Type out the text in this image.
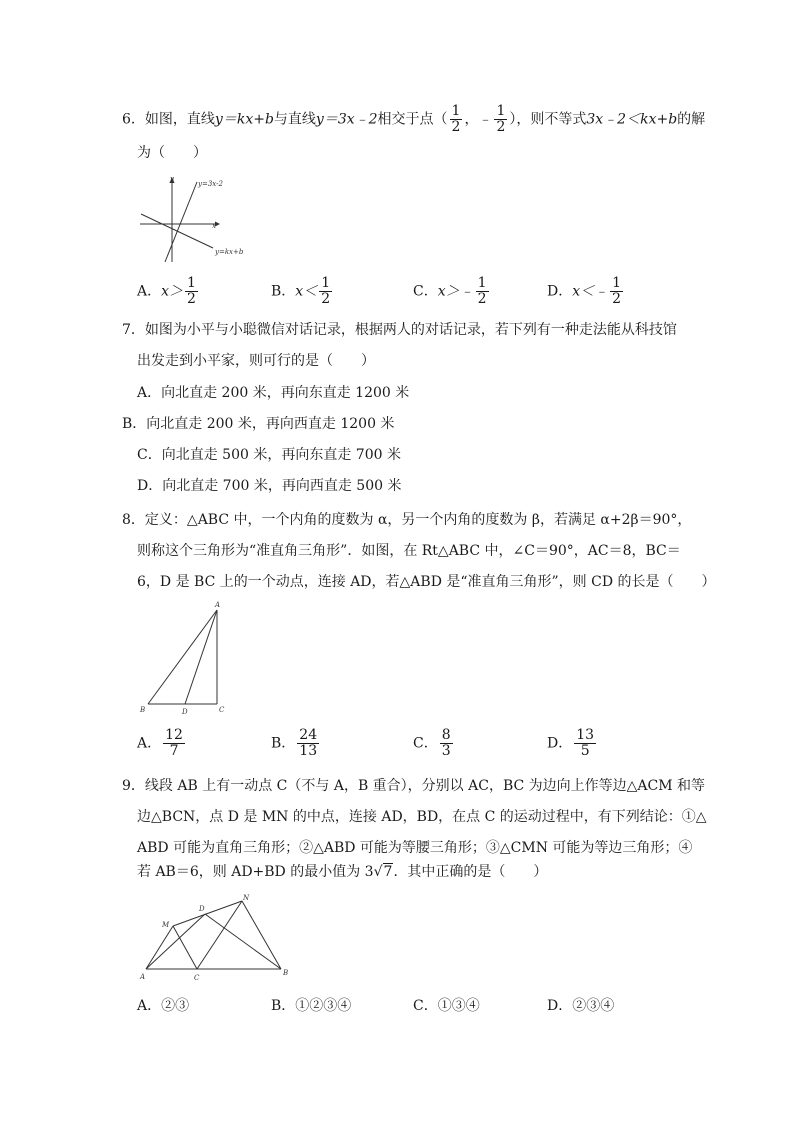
6．如图，直线y＝kx+b与直线y＝3x﹣2相交于点（ $\frac{1}{2}$ ，﹣ $\frac{1}{2}$ ），则不等式3x﹣2＜kx+b的解
为（　　）
y
x
y=3x-2
y=kx+b
A．$x> \frac{1}{2}$	B．$x< \frac{1}{2}$	C．x＞﹣ $\frac{1}{2}$	D．x＜﹣ $\frac{1}{2}$
7．如图为小平与小聪微信对话记录，根据两人的对话记录，若下列有一种走法能从科技馆
出发走到小平家，则可行的是（　　）
A．向北直走 200 米，再向东直走 1200 米
B．向北直走 200 米，再向西直走 1200 米
C．向北直走 500 米，再向东直走 700 米
D．向北直走 700 米，再向西直走 500 米
8．定义：△ABC 中，一个内角的度数为 α，另一个内角的度数为 β，若满足 α+2β＝90°，
则称这个三角形为“准直角三角形”．如图，在 Rt△ABC 中，∠C＝90°，AC＝8，BC＝
6，D 是 BC 上的一个动点，连接 AD，若△ABD 是“准直角三角形”，则 CD 的长是（　　）
A
B	C
D
A． $\frac{12}{7}$	B． $\frac{24}{13}$	C． $\frac{8}{3}$	D． $\frac{13}{5}$
9．线段 AB 上有一动点 C（不与 A，B 重合），分别以 AC，BC 为边向上作等边△ACM 和等
边△BCN，点 D 是 MN 的中点，连接 AD，BD，在点 C 的运动过程中，有下列结论：①△
ABD 可能为直角三角形；②△ABD 可能为等腰三角形；③△CMN 可能为等边三角形；④
若 AB＝6，则 AD+BD 的最小值为 3√7．其中正确的是（　　）
A	B
C
D
M
N
A．②③	B．①②③④	C．①③④	D．②③④
